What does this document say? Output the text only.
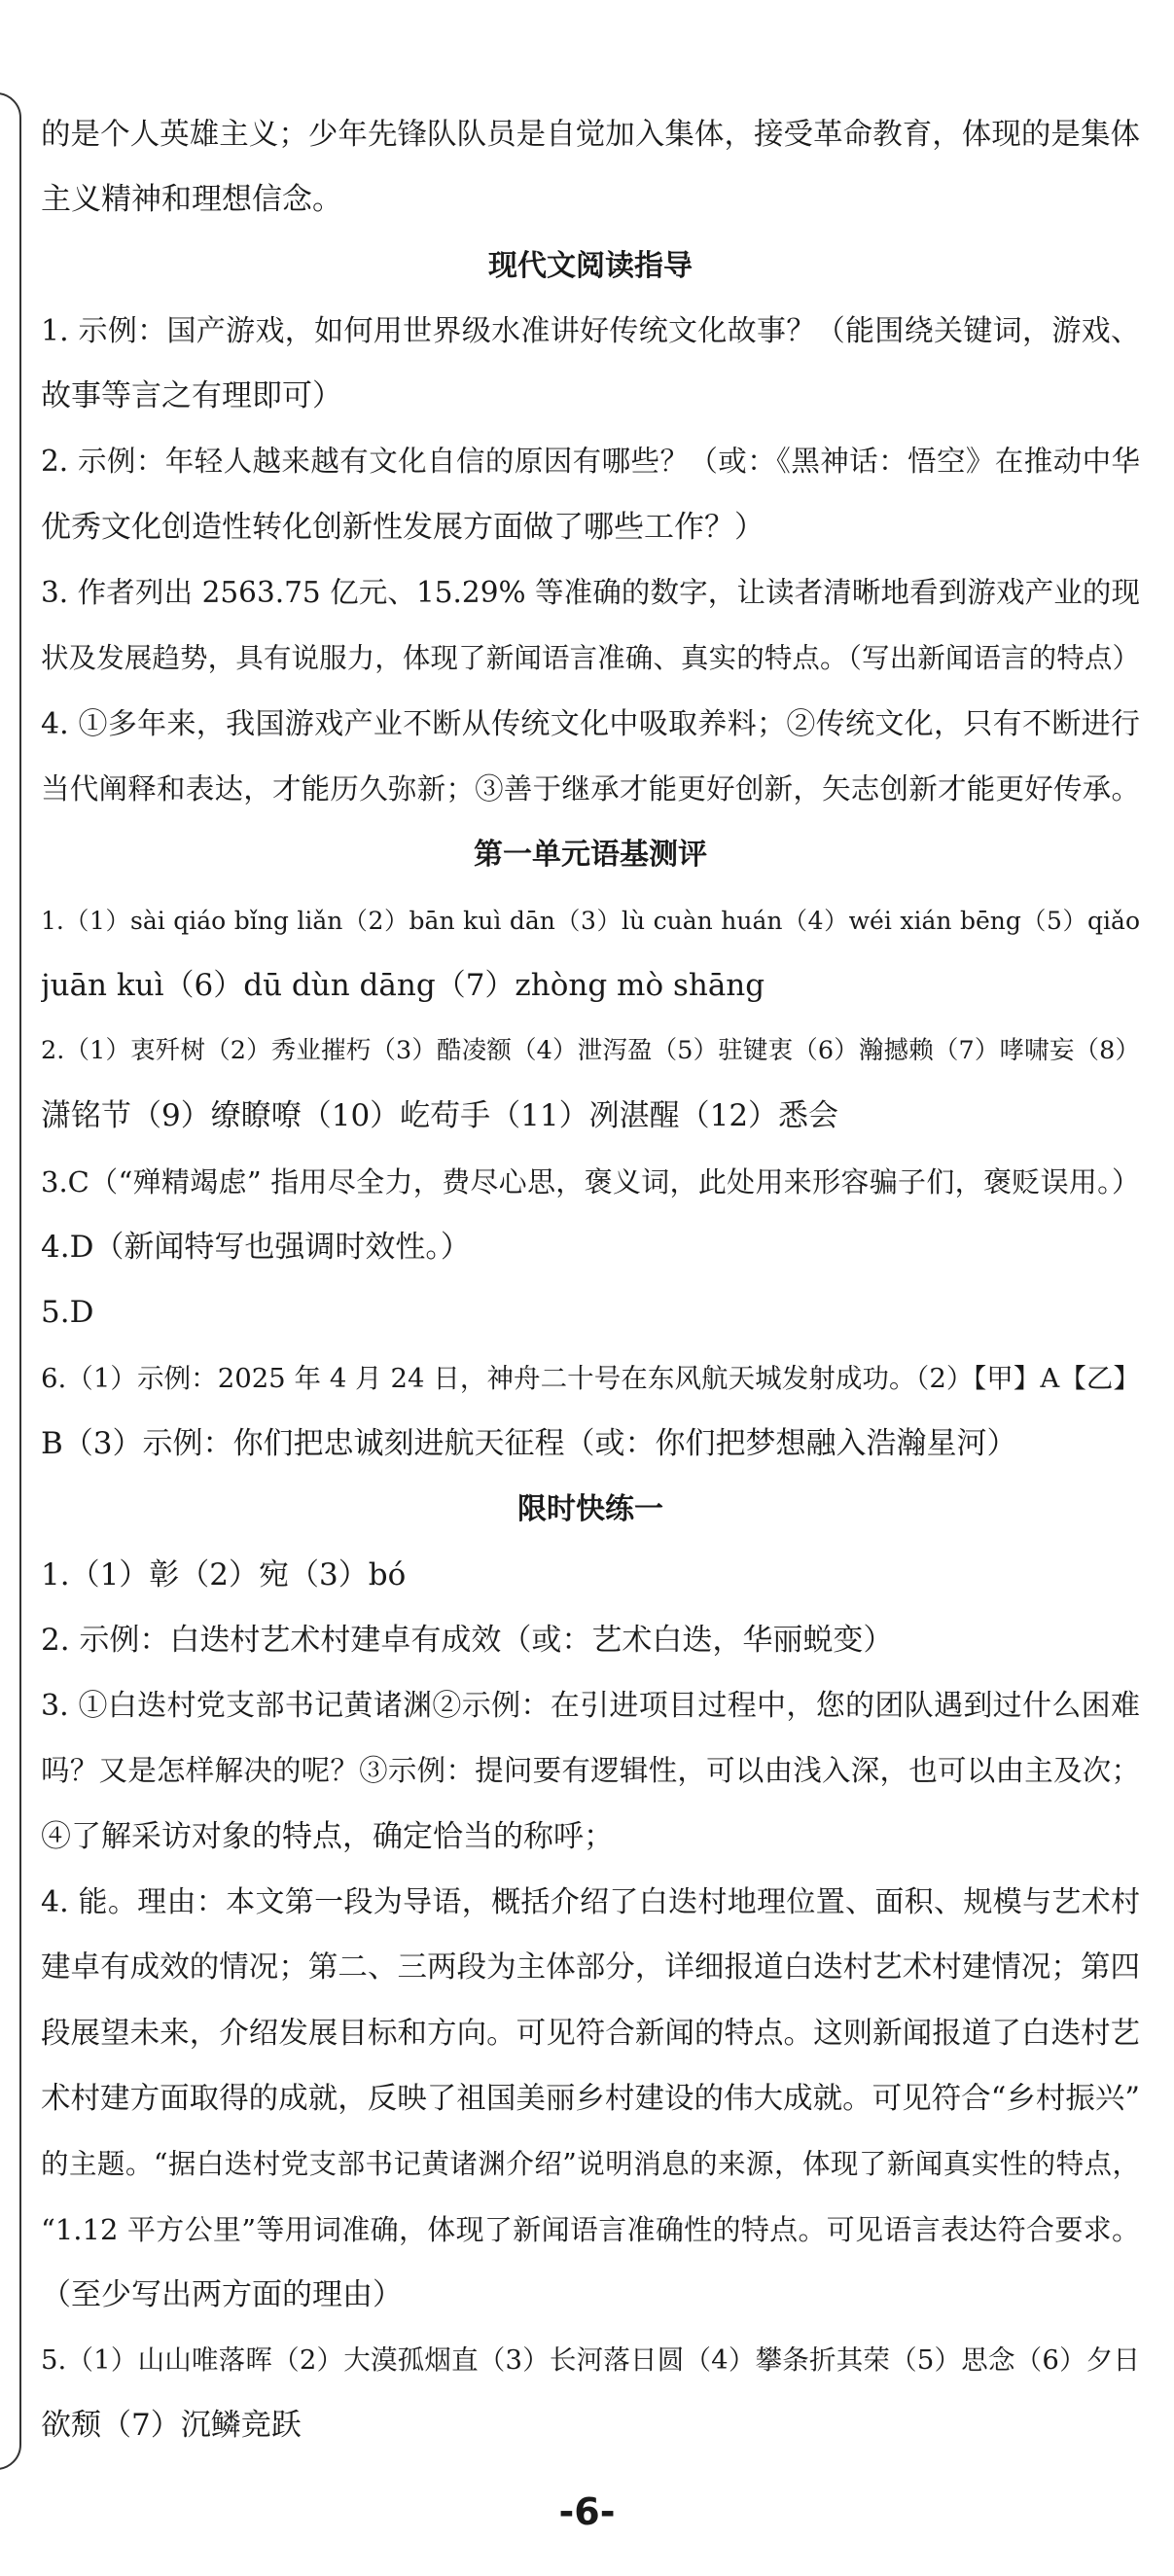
的是个人英雄主义；少年先锋队队员是自觉加入集体，接受革命教育，体现的是集体
主义精神和理想信念。
现代文阅读指导
1. 示例：国产游戏，如何用世界级水准讲好传统文化故事？（能围绕关键词，游戏、
故事等言之有理即可）
2. 示例：年轻人越来越有文化自信的原因有哪些？（或：《黑神话：悟空》在推动中华
优秀文化创造性转化创新性发展方面做了哪些工作？）
3. 作者列出 2563.75 亿元、15.29% 等准确的数字，让读者清晰地看到游戏产业的现
状及发展趋势，具有说服力，体现了新闻语言准确、真实的特点。（写出新闻语言的特点）
4. ①多年来，我国游戏产业不断从传统文化中吸取养料；②传统文化，只有不断进行
当代阐释和表达，才能历久弥新；③善于继承才能更好创新，矢志创新才能更好传承。
第一单元语基测评
1.（1）sài qiáo bǐng liǎn（2）bān kuì dān（3）lù cuàn huán（4）wéi xián bēng（5）qiǎo
juān kuì（6）dū dùn dāng（7）zhòng mò shāng
2.（1）衷歼树（2）秀业摧朽（3）酷凌额（4）泄泻盈（5）驻键衷（6）瀚撼赖（7）哮啸妄（8）
潇铭节（9）缭瞭嘹（10）屹苟手（11）冽湛醒（12）悉会
3.C（“殚精竭虑” 指用尽全力，费尽心思，褒义词，此处用来形容骗子们，褒贬误用。）
4.D（新闻特写也强调时效性。）
5.D
6.（1）示例：2025 年 4 月 24 日，神舟二十号在东风航天城发射成功。（2）【甲】A【乙】
B（3）示例：你们把忠诚刻进航天征程（或：你们把梦想融入浩瀚星河）
限时快练一
1.（1）彰（2）宛（3）bó
2. 示例：白迭村艺术村建卓有成效（或：艺术白迭，华丽蜕变）
3. ①白迭村党支部书记黄诸渊②示例：在引进项目过程中，您的团队遇到过什么困难
吗？又是怎样解决的呢？③示例：提问要有逻辑性，可以由浅入深，也可以由主及次；
④了解采访对象的特点，确定恰当的称呼；
4. 能。理由：本文第一段为导语，概括介绍了白迭村地理位置、面积、规模与艺术村
建卓有成效的情况；第二、三两段为主体部分，详细报道白迭村艺术村建情况；第四
段展望未来，介绍发展目标和方向。可见符合新闻的特点。这则新闻报道了白迭村艺
术村建方面取得的成就，反映了祖国美丽乡村建设的伟大成就。可见符合“乡村振兴”
的主题。“据白迭村党支部书记黄诸渊介绍”说明消息的来源，体现了新闻真实性的特点，
“1.12 平方公里”等用词准确，体现了新闻语言准确性的特点。可见语言表达符合要求。
（至少写出两方面的理由）
5.（1）山山唯落晖（2）大漠孤烟直（3）长河落日圆（4）攀条折其荣（5）思念（6）夕日
欲颓（7）沉鳞竞跃
-6-
